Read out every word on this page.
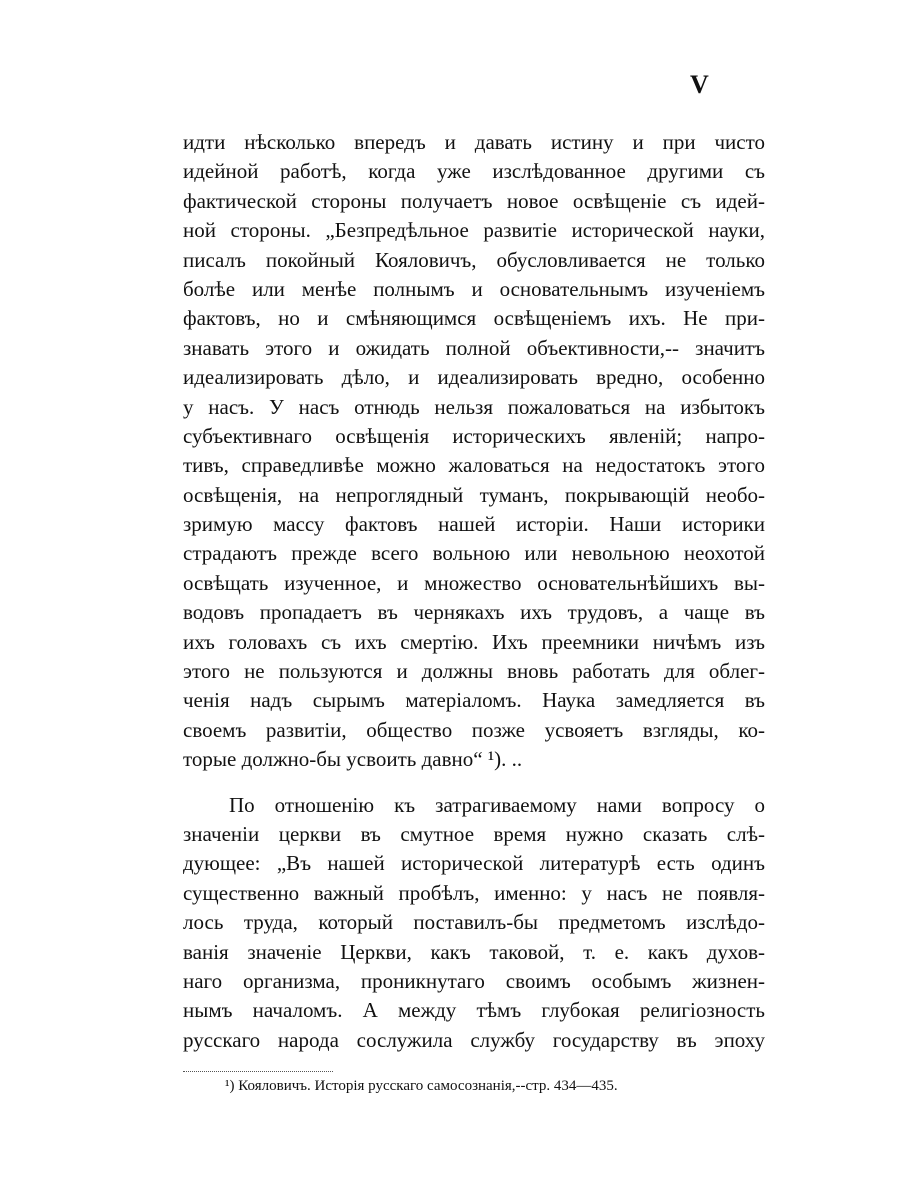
V
идти нѣсколько впередъ и давать истину и при чисто
идейной работѣ, когда уже изслѣдованное другими съ
фактической стороны получаетъ новое освѣщеніе съ идей-
ной стороны. „Безпредѣльное развитіе исторической науки,
писалъ покойный Кояловичъ, обусловливается не только
болѣе или менѣе полнымъ и основательнымъ изученіемъ
фактовъ, но и смѣняющимся освѣщеніемъ ихъ. Не при-
знавать этого и ожидать полной объективности,-- значитъ
идеализировать дѣло, и идеализировать вредно, особенно
у насъ. У насъ отнюдь нельзя пожаловаться на избытокъ
субъективнаго освѣщенія историческихъ явленій; напро-
тивъ, справедливѣе можно жаловаться на недостатокъ этого
освѣщенія, на непроглядный туманъ, покрывающій необо-
зримую массу фактовъ нашей исторіи. Наши историки
страдаютъ прежде всего вольною или невольною неохотой
освѣщать изученное, и множество основательнѣйшихъ вы-
водовъ пропадаетъ въ чернякахъ ихъ трудовъ, а чаще въ
ихъ головахъ съ ихъ смертію. Ихъ преемники ничѣмъ изъ
этого не пользуются и должны вновь работать для облег-
ченія надъ сырымъ матеріаломъ. Наука замедляется въ
своемъ развитіи, общество позже усвояетъ взгляды, ко-
торые должно-бы усвоить давно“ ¹). ..
По отношенію къ затрагиваемому нами вопросу о
значеніи церкви въ смутное время нужно сказать слѣ-
дующее: „Въ нашей исторической литературѣ есть одинъ
существенно важный пробѣлъ, именно: у насъ не появля-
лось труда, который поставилъ-бы предметомъ изслѣдо-
ванія значеніе Церкви, какъ таковой, т. е. какъ духов-
наго организма, проникнутаго своимъ особымъ жизнен-
нымъ началомъ. А между тѣмъ глубокая религіозность
русскаго народа сослужила службу государству въ эпоху
¹) Кояловичъ. Исторія русскаго самосознанія,--стр. 434—435.
